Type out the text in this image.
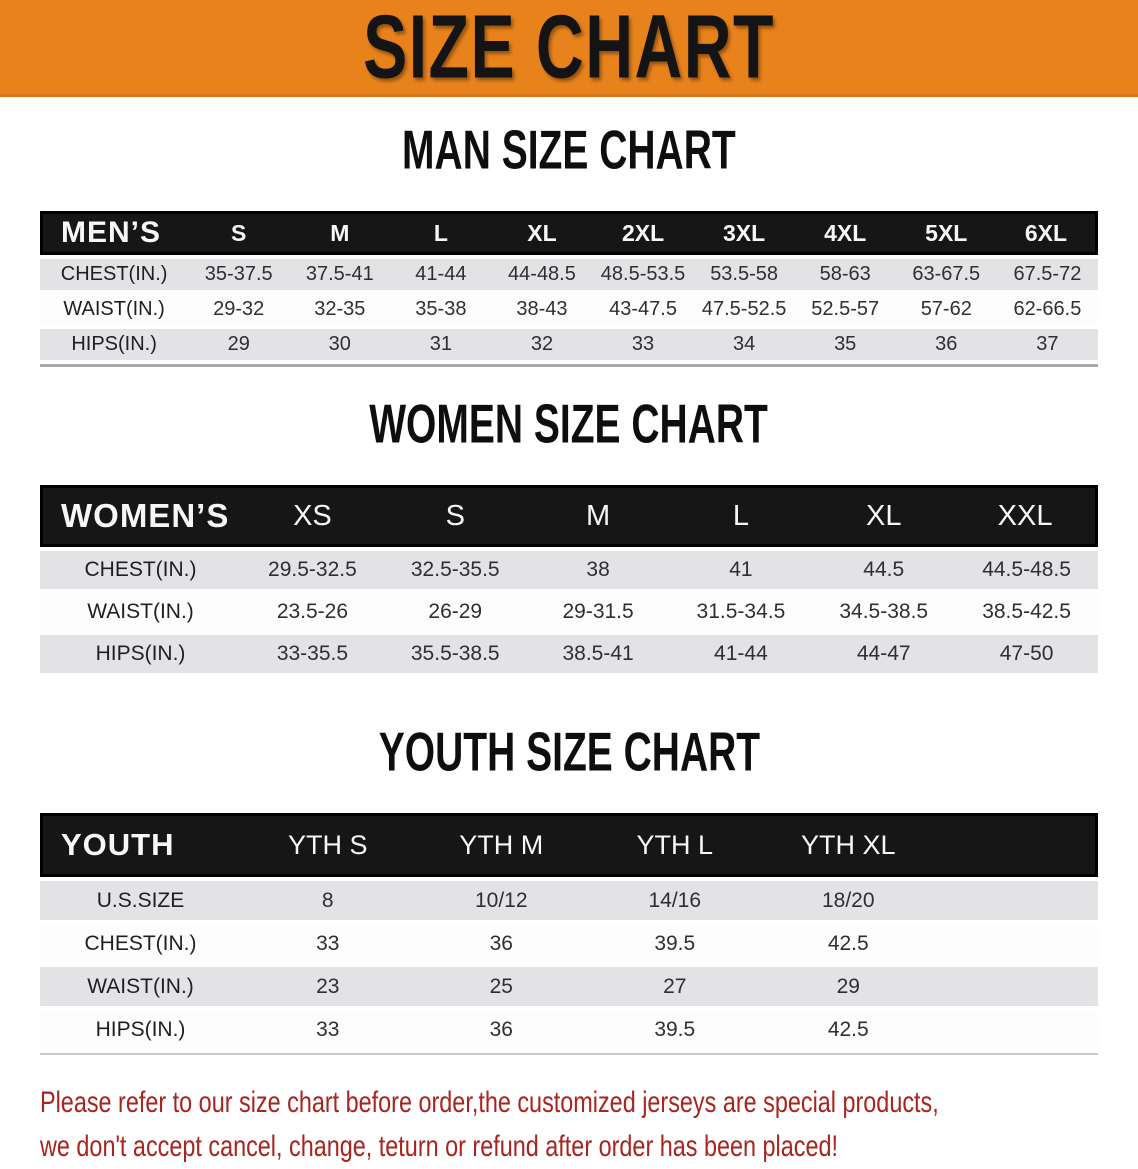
SIZE CHART
MAN SIZE CHART
MEN’S	S	M	L	XL	2XL	3XL	4XL	5XL	6XL
CHEST(IN.)	35-37.5	37.5-41	41-44	44-48.5	48.5-53.5	53.5-58	58-63	63-67.5	67.5-72
WAIST(IN.)	29-32	32-35	35-38	38-43	43-47.5	47.5-52.5	52.5-57	57-62	62-66.5
HIPS(IN.)	29	30	31	32	33	34	35	36	37
WOMEN SIZE CHART
WOMEN’S	XS	S	M	L	XL	XXL
CHEST(IN.)	29.5-32.5	32.5-35.5	38	41	44.5	44.5-48.5
WAIST(IN.)	23.5-26	26-29	29-31.5	31.5-34.5	34.5-38.5	38.5-42.5
HIPS(IN.)	33-35.5	35.5-38.5	38.5-41	41-44	44-47	47-50
YOUTH SIZE CHART
YOUTH	YTH S	YTH M	YTH L	YTH XL	
U.S.SIZE	8	10/12	14/16	18/20	
CHEST(IN.)	33	36	39.5	42.5	
WAIST(IN.)	23	25	27	29	
HIPS(IN.)	33	36	39.5	42.5	

Please refer to our size chart before order,the customized jerseys are special products,

we don't accept cancel, change, teturn or refund after order has been placed!
